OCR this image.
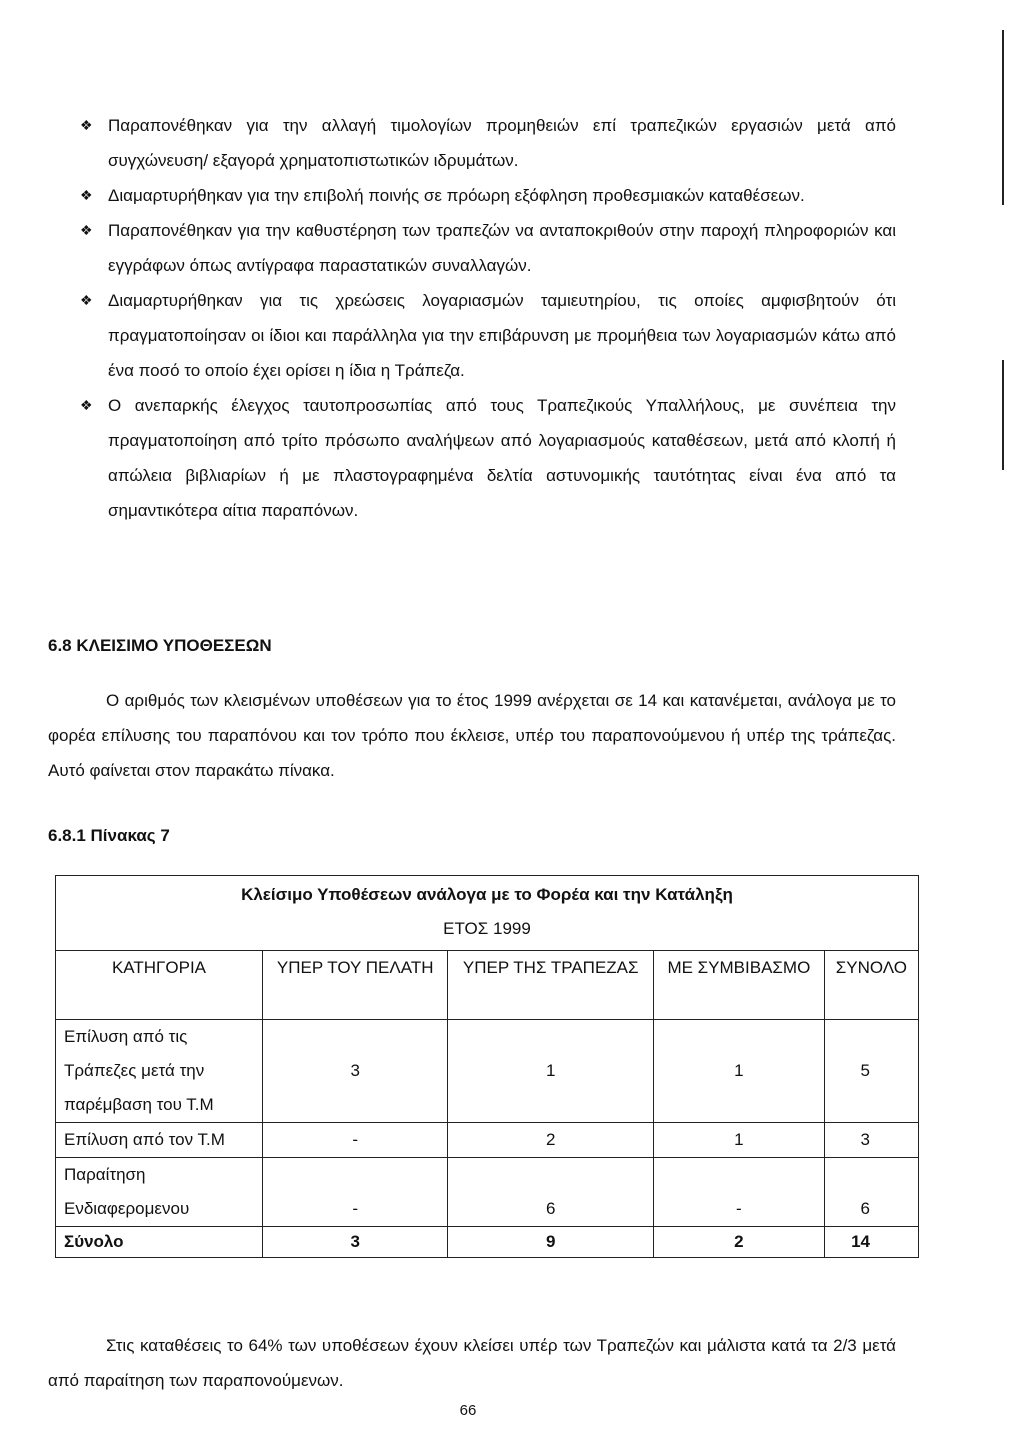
❖ Παραπονέθηκαν για την αλλαγή τιμολογίων προμηθειών επί τραπεζικών εργασιών μετά από συγχώνευση/ εξαγορά χρηματοπιστωτικών ιδρυμάτων.
❖ Διαμαρτυρήθηκαν για την επιβολή ποινής σε πρόωρη εξόφληση προθεσμιακών καταθέσεων.
❖ Παραπονέθηκαν για την καθυστέρηση των τραπεζών να ανταποκριθούν στην παροχή πληροφοριών και εγγράφων όπως αντίγραφα παραστατικών συναλλαγών.
❖ Διαμαρτυρήθηκαν για τις χρεώσεις λογαριασμών ταμιευτηρίου, τις οποίες αμφισβητούν ότι πραγματοποίησαν οι ίδιοι και παράλληλα για την επιβάρυνση με προμήθεια των λογαριασμών κάτω από ένα ποσό το οποίο έχει ορίσει η ίδια η Τράπεζα.
❖ Ο ανεπαρκής έλεγχος ταυτοπροσωπίας από τους Τραπεζικούς Υπαλλήλους, με συνέπεια την πραγματοποίηση από τρίτο πρόσωπο αναλήψεων από λογαριασμούς καταθέσεων, μετά από κλοπή ή απώλεια βιβλιαρίων ή με πλαστογραφημένα δελτία αστυνομικής ταυτότητας είναι ένα από τα σημαντικότερα αίτια παραπόνων.
6.8 ΚΛΕΙΣΙΜΟ ΥΠΟΘΕΣΕΩΝ

Ο αριθμός των κλεισμένων υποθέσεων για το έτος 1999 ανέρχεται σε 14 και κατανέμεται, ανάλογα με το φορέα επίλυσης του παραπόνου και τον τρόπο που έκλεισε, υπέρ του παραπονούμενου ή υπέρ της τράπεζας. Αυτό φαίνεται στον παρακάτω πίνακα.

6.8.1 Πίνακας 7
Κλείσιμο Υποθέσεων ανάλογα με το Φορέα και την Κατάληξη
ΕΤΟΣ 1999				

ΚΑΤΗΓΟΡΙΑ	ΥΠΕΡ ΤΟΥ ΠΕΛΑΤΗ	ΥΠΕΡ ΤΗΣ ΤΡΑΠΕΖΑΣ	ΜΕ ΣΥΜΒΙΒΑΣΜΟ	ΣΥΝΟΛΟ
Επίλυση από τις Τράπεζες μετά την παρέμβαση του Τ.Μ	3	1	1	5
Επίλυση από τον Τ.Μ	-	2	1	3
Παραίτηση Ενδιαφερομενου	-	6	-	6
Σύνολο	3	9	2	14

Στις καταθέσεις το 64% των υποθέσεων έχουν κλείσει υπέρ των Τραπεζών και μάλιστα κατά τα 2/3 μετά από παραίτηση των παραπονούμενων.

66
